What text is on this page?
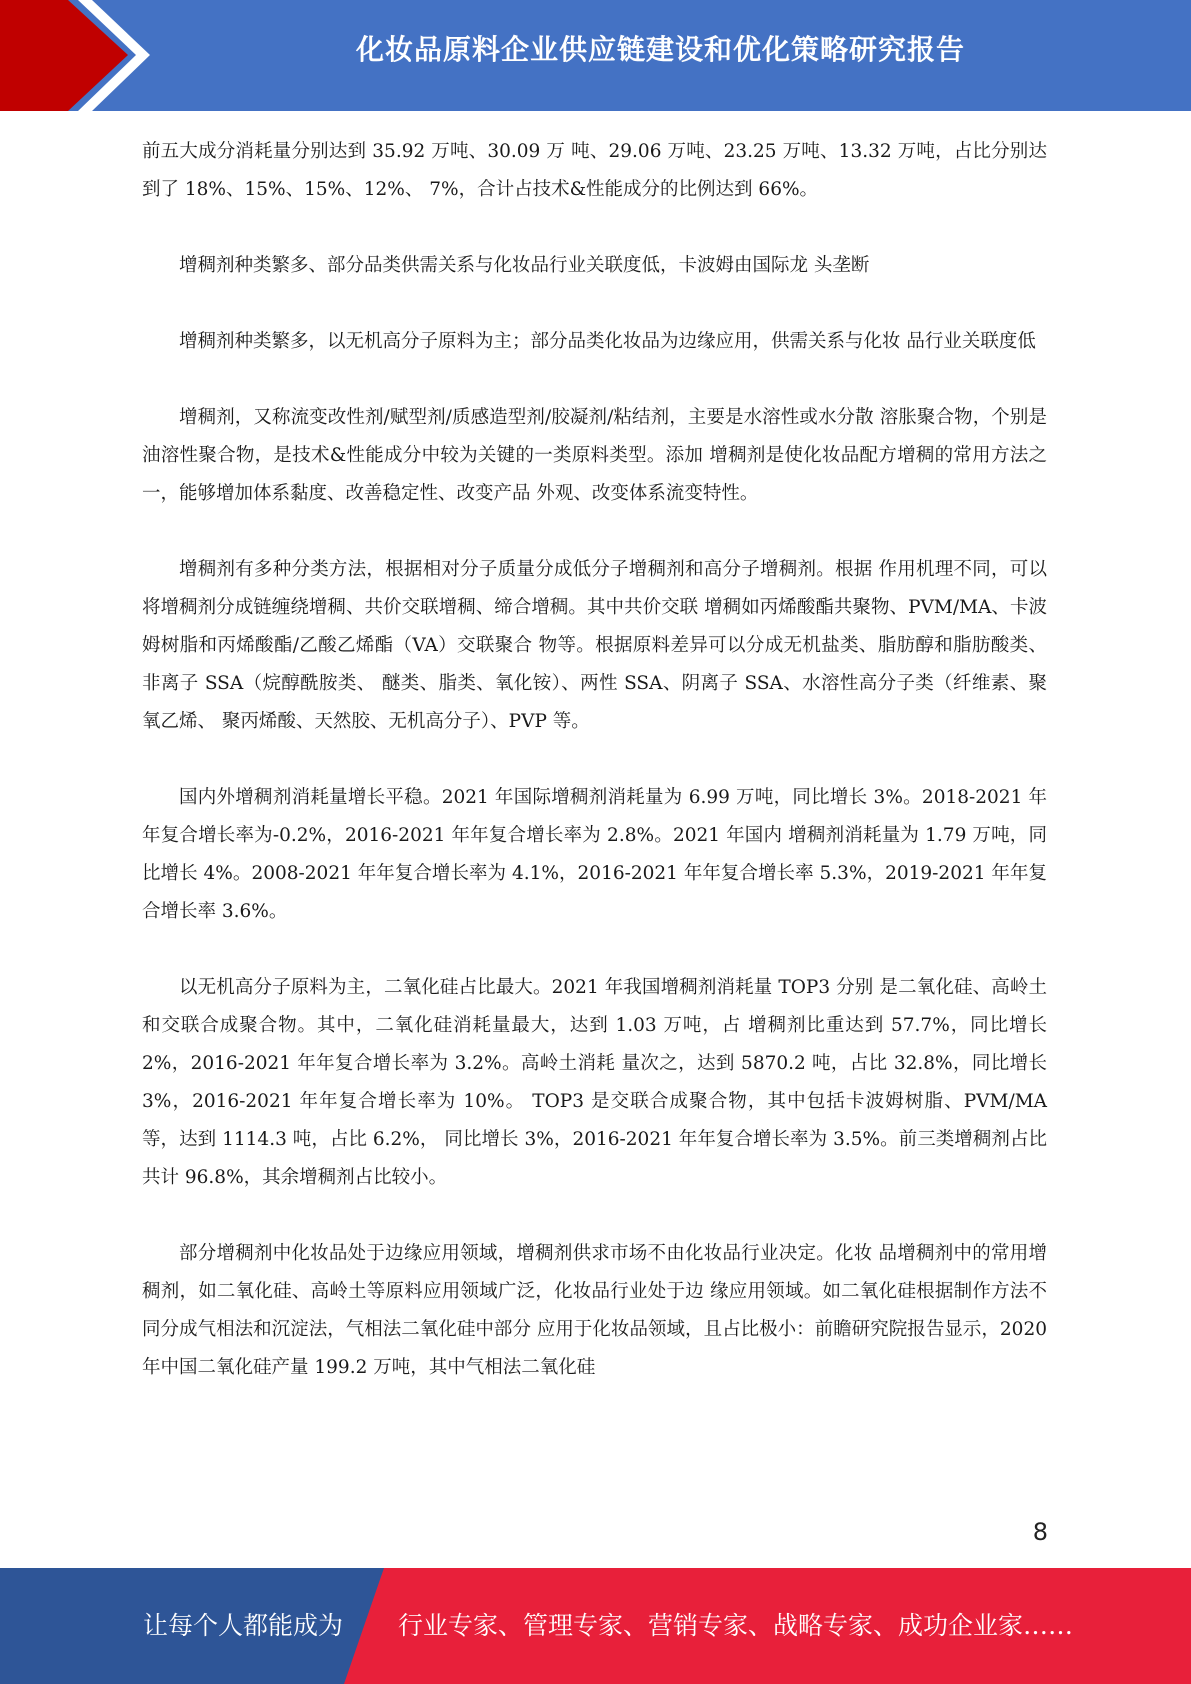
化妆品原料企业供应链建设和优化策略研究报告

前五大成分消耗量分别达到 35.92 万吨、30.09 万 吨、29.06 万吨、23.25 万吨、13.32 万吨，占比分别达到了 18%、15%、15%、12%、 7%，合计占技术&性能成分的比例达到 66%。

增稠剂种类繁多、部分品类供需关系与化妆品行业关联度低，卡波姆由国际龙 头垄断

增稠剂种类繁多，以无机高分子原料为主；部分品类化妆品为边缘应用，供需关系与化妆 品行业关联度低

增稠剂，又称流变改性剂/赋型剂/质感造型剂/胶凝剂/粘结剂，主要是水溶性或水分散 溶胀聚合物，个别是油溶性聚合物，是技术&性能成分中较为关键的一类原料类型。添加 增稠剂是使化妆品配方增稠的常用方法之一，能够增加体系黏度、改善稳定性、改变产品 外观、改变体系流变特性。

增稠剂有多种分类方法，根据相对分子质量分成低分子增稠剂和高分子增稠剂。根据 作用机理不同，可以将增稠剂分成链缠绕增稠、共价交联增稠、缔合增稠。其中共价交联 增稠如丙烯酸酯共聚物、PVM/MA、卡波姆树脂和丙烯酸酯/乙酸乙烯酯（VA）交联聚合 物等。根据原料差异可以分成无机盐类、脂肪醇和脂肪酸类、非离子 SSA（烷醇酰胺类、 醚类、脂类、氧化铵）、两性 SSA、阴离子 SSA、水溶性高分子类（纤维素、聚氧乙烯、 聚丙烯酸、天然胶、无机高分子）、PVP 等。

国内外增稠剂消耗量增长平稳。2021 年国际增稠剂消耗量为 6.99 万吨，同比增长 3%。2018-2021 年年复合增长率为-0.2%，2016-2021 年年复合增长率为 2.8%。2021 年国内 增稠剂消耗量为 1.79 万吨，同比增长 4%。2008-2021 年年复合增长率为 4.1%，2016-2021 年年复合增长率 5.3%，2019-2021 年年复合增长率 3.6%。

以无机高分子原料为主，二氧化硅占比最大。2021 年我国增稠剂消耗量 TOP3 分别 是二氧化硅、高岭土和交联合成聚合物。其中，二氧化硅消耗量最大，达到 1.03 万吨，占 增稠剂比重达到 57.7%，同比增长 2%，2016-2021 年年复合增长率为 3.2%。高岭土消耗 量次之，达到 5870.2 吨，占比 32.8%，同比增长 3%，2016-2021 年年复合增长率为 10%。 TOP3 是交联合成聚合物，其中包括卡波姆树脂、PVM/MA 等，达到 1114.3 吨，占比 6.2%， 同比增长 3%，2016-2021 年年复合增长率为 3.5%。前三类增稠剂占比共计 96.8%，其余增稠剂占比较小。

部分增稠剂中化妆品处于边缘应用领域，增稠剂供求市场不由化妆品行业决定。化妆 品增稠剂中的常用增稠剂，如二氧化硅、高岭土等原料应用领域广泛，化妆品行业处于边 缘应用领域。如二氧化硅根据制作方法不同分成气相法和沉淀法，气相法二氧化硅中部分 应用于化妆品领域，且占比极小：前瞻研究院报告显示，2020 年中国二氧化硅产量 199.2 万吨，其中气相法二氧化硅

8
让每个人都能成为 行业专家、管理专家、营销专家、战略专家、成功企业家……
